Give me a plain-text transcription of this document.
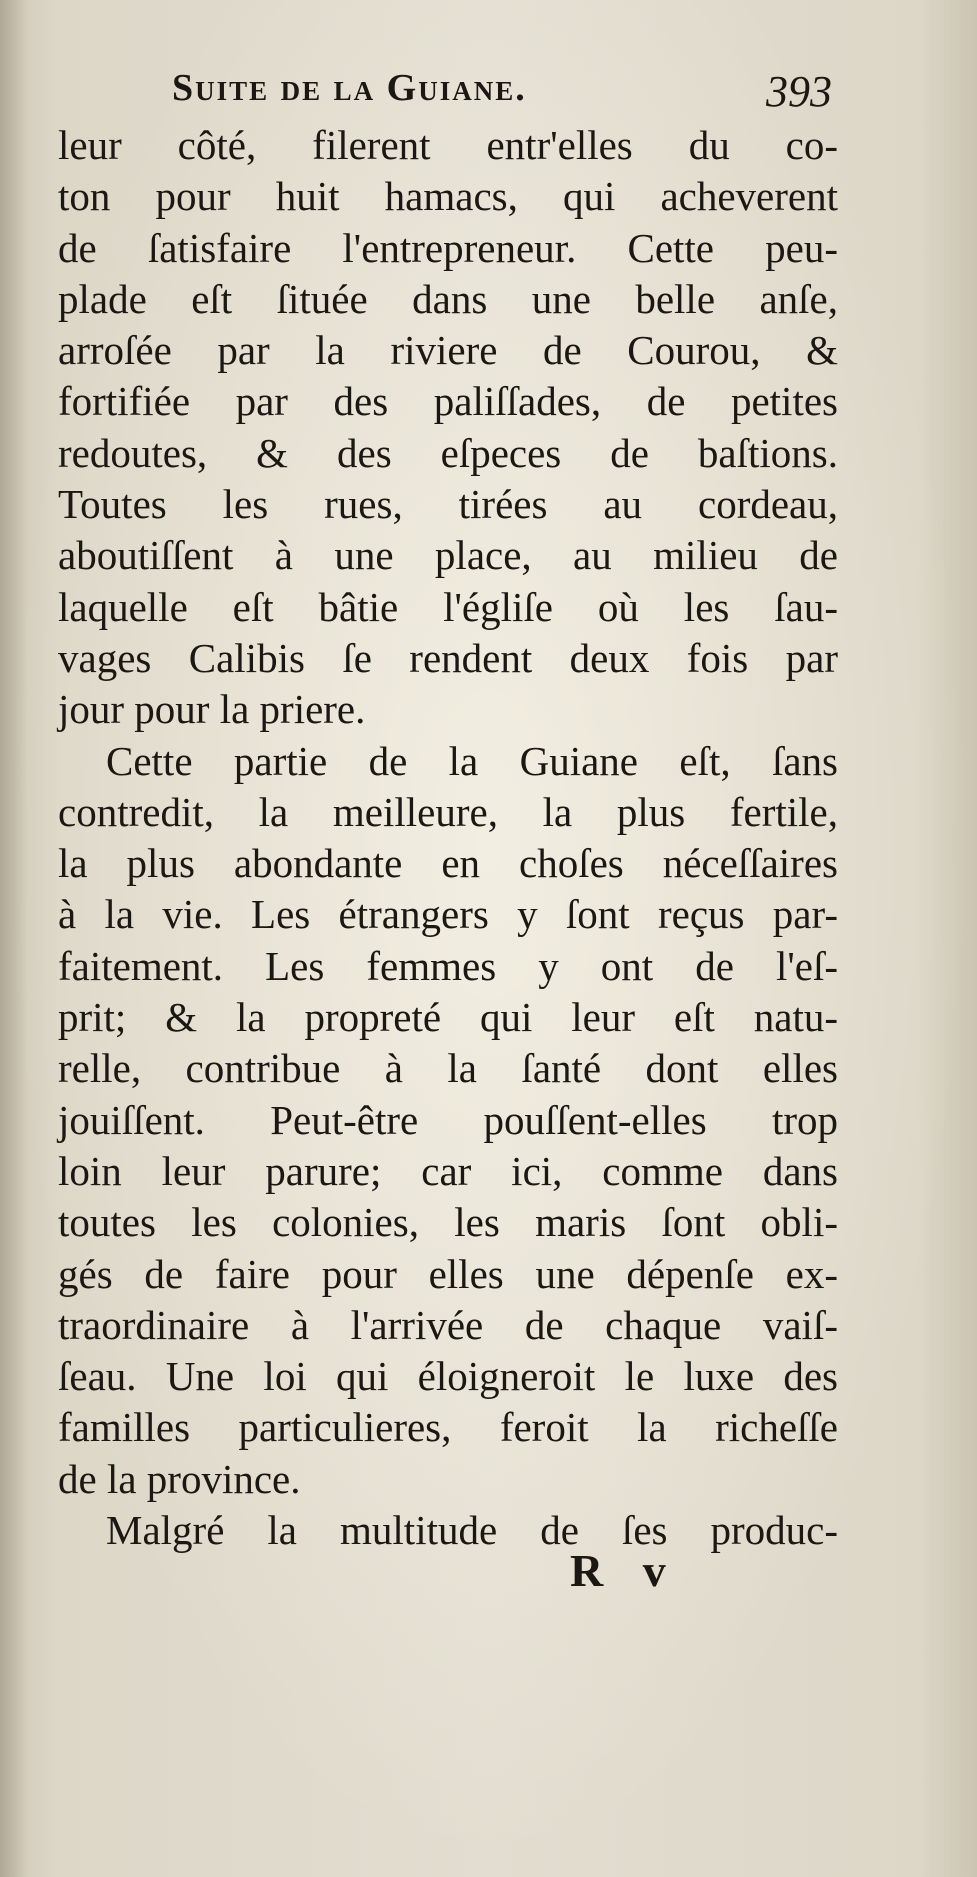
Suite de la Guiane.	393
leur côté, filerent entr'elles du co-
ton pour huit hamacs, qui acheverent
de ſatisfaire l'entrepreneur. Cette peu-
plade eſt ſituée dans une belle anſe,
arroſée par la riviere de Courou, &
fortifiée par des paliſſades, de petites
redoutes, & des eſpeces de baſtions.
Toutes les rues, tirées au cordeau,
aboutiſſent à une place, au milieu de
laquelle eſt bâtie l'égliſe où les ſau-
vages Calibis ſe rendent deux fois par
jour pour la priere.
Cette partie de la Guiane eſt, ſans
contredit, la meilleure, la plus fertile,
la plus abondante en choſes néceſſaires
à la vie. Les étrangers y ſont reçus par-
faitement. Les femmes y ont de l'eſ-
prit; & la propreté qui leur eſt natu-
relle, contribue à la ſanté dont elles
jouiſſent. Peut-être pouſſent-elles trop
loin leur parure; car ici, comme dans
toutes les colonies, les maris ſont obli-
gés de faire pour elles une dépenſe ex-
traordinaire à l'arrivée de chaque vaiſ-
ſeau. Une loi qui éloigneroit le luxe des
familles particulieres, feroit la richeſſe
de la province.
Malgré la multitude de ſes produc-
R v
